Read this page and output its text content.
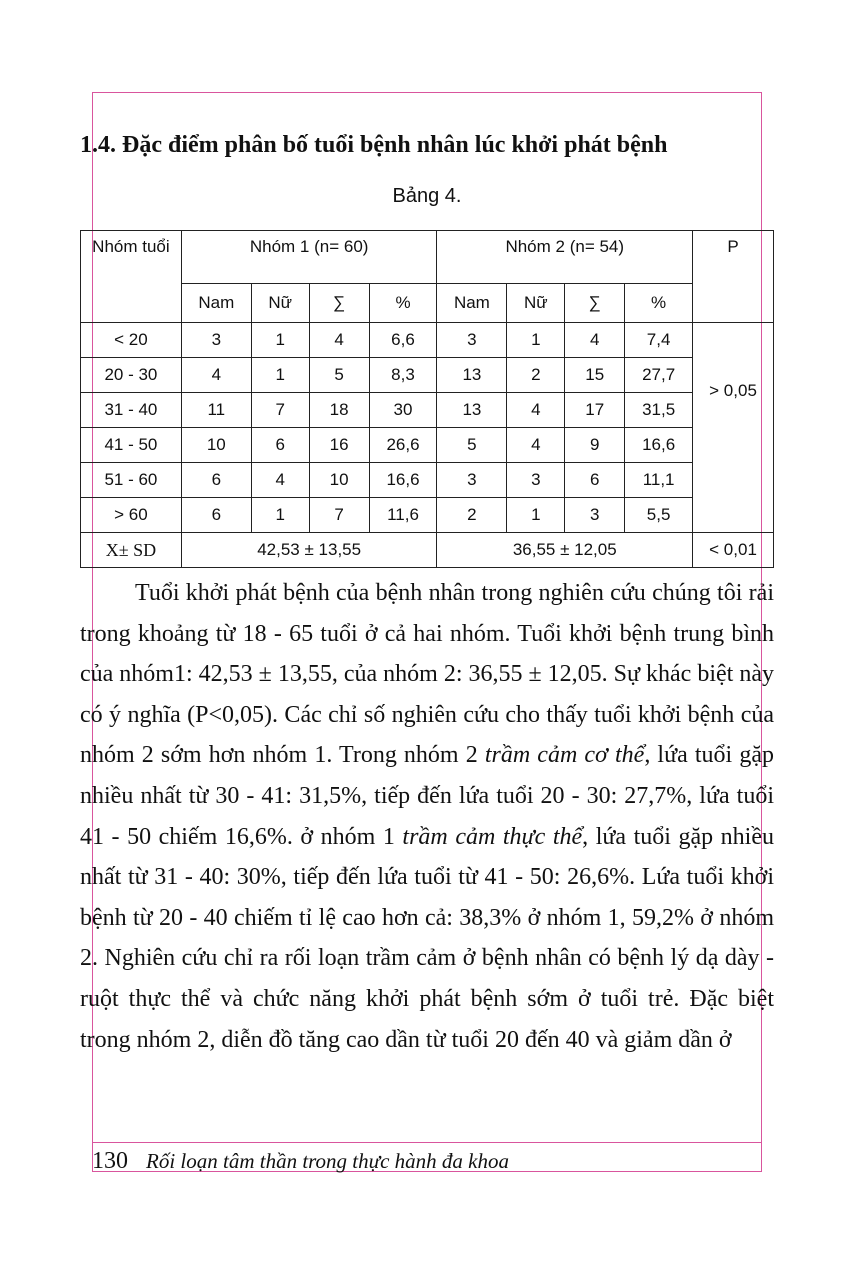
1.4. Đặc điểm phân bố tuổi bệnh nhân lúc khởi phát bệnh
Bảng 4.
Nhóm tuổi	Nhóm 1 (n= 60)				Nhóm 2 (n= 54)				P
	Nam	Nữ	∑	%	Nam	Nữ	∑	%	
< 20	3	1	4	6,6	3	1	4	7,4	> 0,05
20 - 30	4	1	5	8,3	13	2	15	27,7	
31 - 40	11	7	18	30	13	4	17	31,5	
41 - 50	10	6	16	26,6	5	4	9	16,6	
51 - 60	6	4	10	16,6	3	3	6	11,1	
> 60	6	1	7	11,6	2	1	3	5,5	
X± SD	42,53 ± 13,55				36,55 ± 12,05				< 0,01

Tuổi khởi phát bệnh của bệnh nhân trong nghiên cứu chúng tôi rải trong khoảng từ 18 - 65 tuổi ở cả hai nhóm. Tuổi khởi bệnh trung bình của nhóm1: 42,53 ± 13,55, của nhóm 2: 36,55 ± 12,05. Sự khác biệt này có ý nghĩa (P<0,05). Các chỉ số nghiên cứu cho thấy tuổi khởi bệnh của nhóm 2 sớm hơn nhóm 1. Trong nhóm 2 trầm cảm cơ thể, lứa tuổi gặp nhiều nhất từ 30 - 41: 31,5%, tiếp đến lứa tuổi 20 - 30: 27,7%, lứa tuổi 41 - 50 chiếm 16,6%. ở nhóm 1 trầm cảm thực thể, lứa tuổi gặp nhiều nhất từ 31 - 40: 30%, tiếp đến lứa tuổi từ 41 - 50: 26,6%. Lứa tuổi khởi bệnh từ 20 - 40 chiếm tỉ lệ cao hơn cả: 38,3% ở nhóm 1, 59,2% ở nhóm 2. Nghiên cứu chỉ ra rối loạn trầm cảm ở bệnh nhân có bệnh lý dạ dày - ruột thực thể và chức năng khởi phát bệnh sớm ở tuổi trẻ. Đặc biệt trong nhóm 2, diễn đồ tăng cao dần từ tuổi 20 đến 40 và giảm dần ở

130 Rối loạn tâm thần trong thực hành đa khoa
